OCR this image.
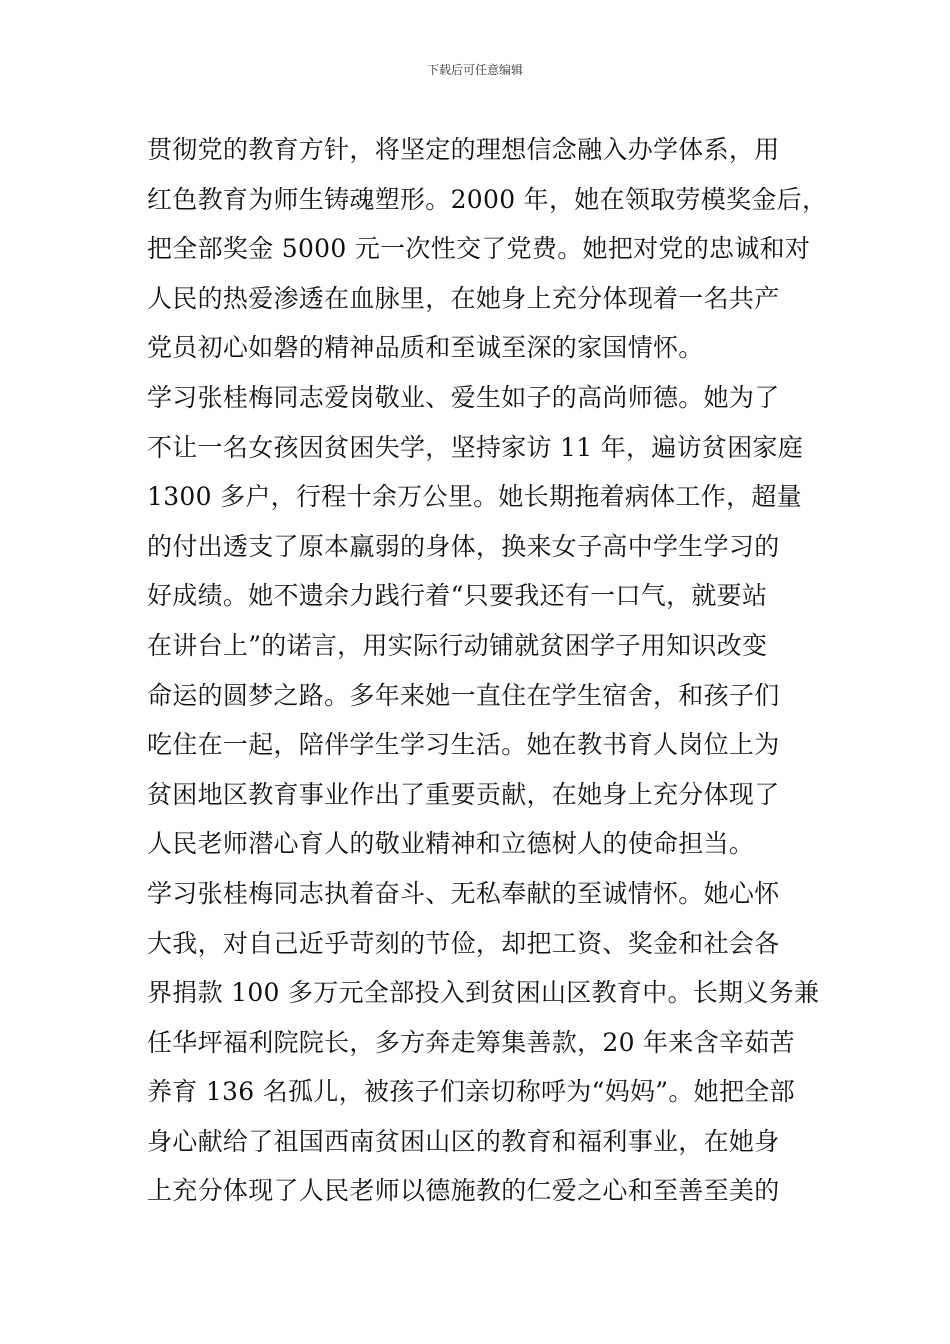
下载后可任意编辑
贯彻党的教育方针，将坚定的理想信念融入办学体系，用
红色教育为师生铸魂塑形。2000 年，她在领取劳模奖金后，
把全部奖金 5000 元一次性交了党费。她把对党的忠诚和对
人民的热爱渗透在血脉里，在她身上充分体现着一名共产
党员初心如磐的精神品质和至诚至深的家国情怀。
学习张桂梅同志爱岗敬业、爱生如子的高尚师德。她为了
不让一名女孩因贫困失学，坚持家访 11 年，遍访贫困家庭
1300 多户，行程十余万公里。她长期拖着病体工作，超量
的付出透支了原本羸弱的身体，换来女子高中学生学习的
好成绩。她不遗余力践行着“只要我还有一口气，就要站
在讲台上”的诺言，用实际行动铺就贫困学子用知识改变
命运的圆梦之路。多年来她一直住在学生宿舍，和孩子们
吃住在一起，陪伴学生学习生活。她在教书育人岗位上为
贫困地区教育事业作出了重要贡献，在她身上充分体现了
人民老师潜心育人的敬业精神和立德树人的使命担当。
学习张桂梅同志执着奋斗、无私奉献的至诚情怀。她心怀
大我，对自己近乎苛刻的节俭，却把工资、奖金和社会各
界捐款 100 多万元全部投入到贫困山区教育中。长期义务兼
任华坪福利院院长，多方奔走筹集善款，20 年来含辛茹苦
养育 136 名孤儿，被孩子们亲切称呼为“妈妈”。她把全部
身心献给了祖国西南贫困山区的教育和福利事业，在她身
上充分体现了人民老师以德施教的仁爱之心和至善至美的
